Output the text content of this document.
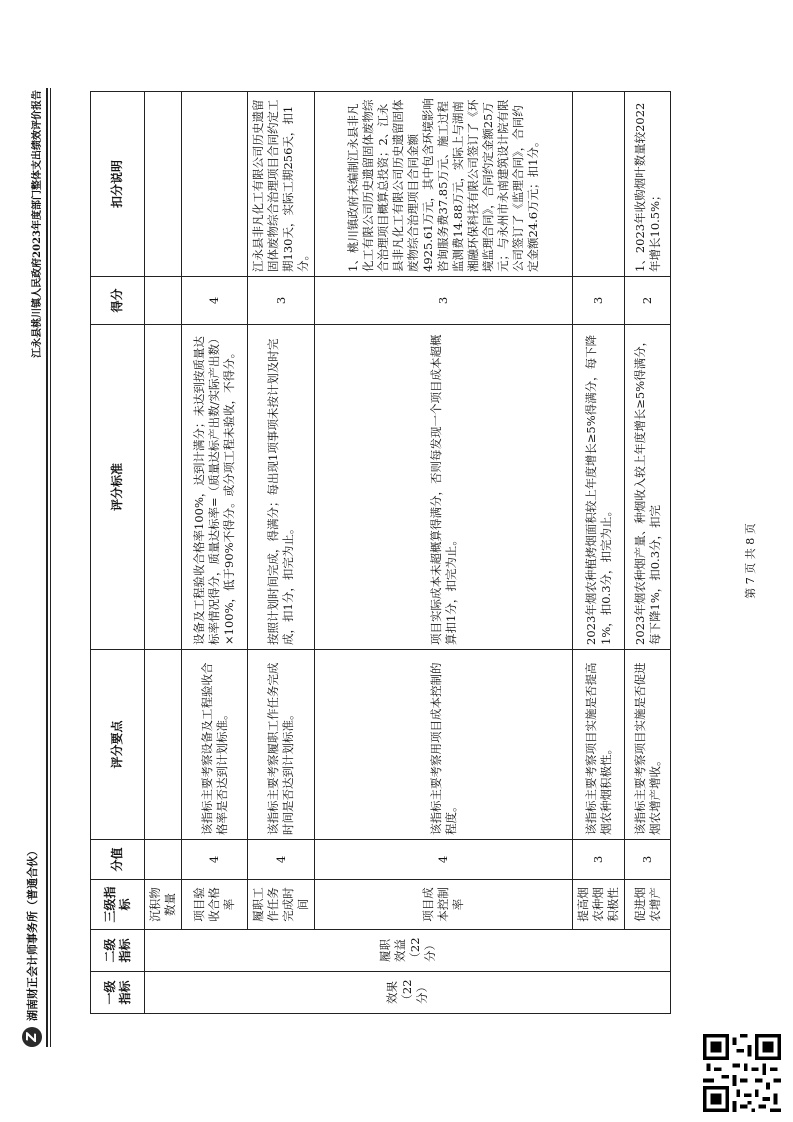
Z
湖南财正会计师事务所（普通合伙）
江永县桃川镇人民政府2023年度部门整体支出绩效评价报告
一级指标	二级指标	三级指标	分值	评分要点	评分标准	得分	扣分说明
效果（22分）	履职效益（22分）	沉积物数量					
		项目验收合格率	4	该指标主要考察设备及工程验收合格率是否达到计划标准。	设备及工程验收合格率100%，达到计满分；未达到按质量达标率情况得分，质量达标率=（质量达标产出数/实际产出数）×100%，低于90%不得分。或分项工程未验收，不得分。	4	
		履职工作任务完成时间	4	该指标主要考察履职工作任务完成时间是否达到计划标准。	按照计划时间完成，得满分；每出现1项事项未按计划及时完成，扣1分，扣完为止。	3	江永县非凡化工有限公司历史遗留固体废物综合治理项目合同约定工期130天，实际工期256天，扣1分。
		项目成本控制率	4	该指标主要考察用项目成本控制的程度。	项目实际成本未超概算得满分，否则每发现一个项目成本超概算扣1分，扣完为止。	3	1、桃川镇政府未编制江永县非凡化工有限公司历史遗留固体废物综合治理项目概算总投资；2、江永县非凡化工有限公司历史遗留固体废物综合治理项目合同金额4925.61万元，其中包含环境影响咨询服务费37.85万元、施工过程监测费14.88万元，实际上与湖南湘融环保科技有限公司签订了《环境监理合同》，合同约定金额25万元；与永州市永南建筑设计院有限公司签订了《监理合同》，合同约定金额24.6万元；扣1分。
		提高烟农种烟积极性	3	该指标主要考察项目实施是否提高烟农种烟积极性。	2023年烟农种植烤烟面积较上年度增长≥5%得满分，每下降1%，扣0.3分，扣完为止。	3	
		促进烟农增产	3	该指标主要考察项目实施是否促进烟农增产增收。	2023年烟农种烟产量、种烟收入较上年度增长≥5%得满分，每下降1%，扣0.3分，扣完	2	1、2023年收购烟叶数量较2022年增长10.5%；
第 7 页 共 8 页
